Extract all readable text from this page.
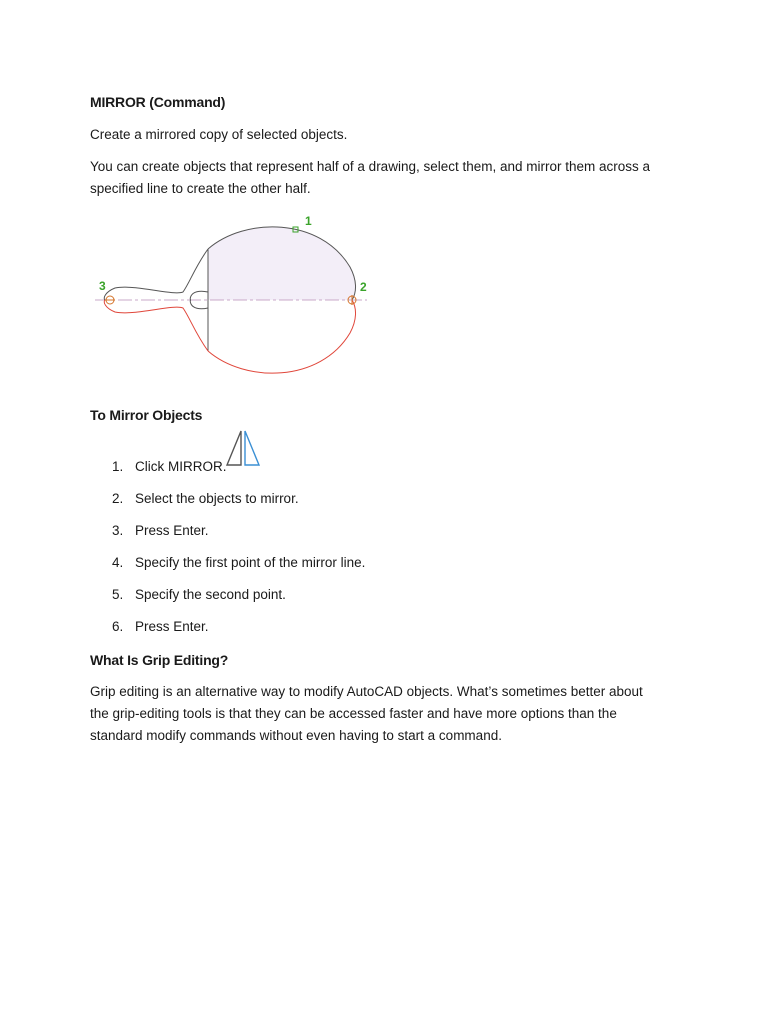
MIRROR (Command)
Create a mirrored copy of selected objects.
You can create objects that represent half of a drawing, select them, and mirror them across a
specified line to create the other half.
1
2
3
To Mirror Objects
1. Click MIRROR.
2. Select the objects to mirror.
3. Press Enter.
4. Specify the first point of the mirror line.
5. Specify the second point.
6. Press Enter.
What Is Grip Editing?
Grip editing is an alternative way to modify AutoCAD objects. What’s sometimes better about
the grip-editing tools is that they can be accessed faster and have more options than the
standard modify commands without even having to start a command.
